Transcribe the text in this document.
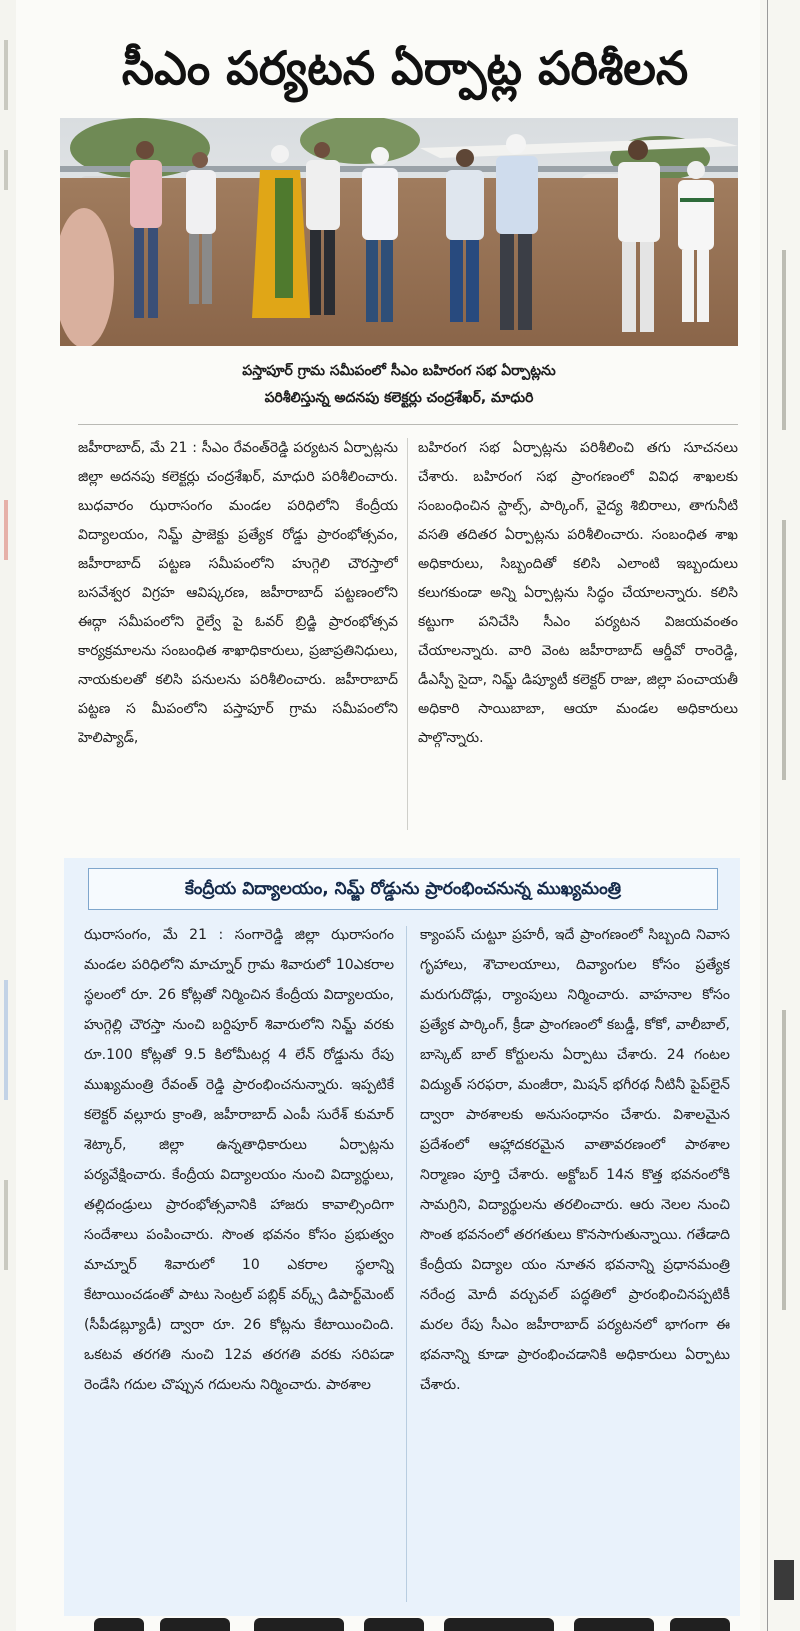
సీఎం పర్యటన ఏర్పాట్ల పరిశీలన
పస్తాపూర్ గ్రామ సమీపంలో సీఎం బహిరంగ సభ ఏర్పాట్లను
పరిశీలిస్తున్న అదనపు కలెక్టర్లు చంద్రశేఖర్, మాధురి

జహీరాబాద్, మే 21 : సీఎం రేవంత్‌రెడ్డి పర్యటన ఏర్పాట్లను జిల్లా అదనపు కలెక్టర్లు చంద్రశేఖర్, మాధురి పరిశీలించారు. బుధవారం ఝరాసంగం మండల పరిధిలోని కేంద్రీయ విద్యాలయం, నిమ్జ్ ప్రాజెక్టు ప్రత్యేక రోడ్డు ప్రారంభోత్సవం, జహీరాబాద్ పట్టణ సమీపంలోని హుగ్గెలి చౌరస్తాలో బసవేశ్వర విగ్రహ ఆవిష్కరణ, జహీరాబాద్ పట్టణంలోని ఈద్గా సమీపంలోని రైల్వే పై ఓవర్ బ్రిడ్జి ప్రారంభోత్సవ కార్యక్రమాలను సంబంధిత శాఖాధికారులు, ప్రజాప్రతినిధులు, నాయకులతో కలిసి పనులను పరిశీలించారు. జహీరాబాద్ పట్టణ స మీపంలోని పస్తాపూర్ గ్రామ సమీపంలోని హెలిప్యాడ్,

బహిరంగ సభ ఏర్పాట్లను పరిశీలించి తగు సూచనలు చేశారు. బహిరంగ సభ ప్రాంగణంలో వివిధ శాఖలకు సంబంధించిన స్టాల్స్, పార్కింగ్, వైద్య శిబిరాలు, తాగునీటి వసతి తదితర ఏర్పాట్లను పరిశీలించారు. సంబంధిత శాఖ అధికారులు, సిబ్బందితో కలిసి ఎలాంటి ఇబ్బందులు కలుగకుండా అన్ని ఏర్పాట్లను సిద్ధం చేయాలన్నారు. కలిసి కట్టుగా పనిచేసి సీఎం పర్యటన విజయవంతం చేయాలన్నారు. వారి వెంట జహీరాబాద్ ఆర్డీవో రాంరెడ్డి, డీఎస్పీ సైదా, నిమ్జ్ డిప్యూటీ కలెక్టర్ రాజు, జిల్లా పంచాయతీ అధికారి సాయిబాబా, ఆయా మండల అధికారులు పాల్గొన్నారు.

కేంద్రీయ విద్యాలయం, నిమ్జ్ రోడ్డును ప్రారంభించనున్న ముఖ్యమంత్రి

ఝరాసంగం, మే 21 : సంగారెడ్డి జిల్లా ఝరాసంగం మండల పరిధిలోని మాచ్నూర్ గ్రామ శివారులో 10ఎకరాల స్థలంలో రూ. 26 కోట్లతో నిర్మించిన కేంద్రీయ విద్యాలయం, హుగ్గెల్లి చౌరస్తా నుంచి బర్దిపూర్ శివారులోని నిమ్జ్ వరకు రూ.100 కోట్లతో 9.5 కిలోమీటర్ల 4 లేన్ రోడ్డును రేపు ముఖ్యమంత్రి రేవంత్ రెడ్డి ప్రారంభించనున్నారు. ఇప్పటికే కలెక్టర్ వల్లూరు క్రాంతి, జహీరాబాద్ ఎంపీ సురేశ్ కుమార్ శెట్కార్, జిల్లా ఉన్నతాధికారులు ఏర్పాట్లను పర్యవేక్షించారు. కేంద్రీయ విద్యాలయం నుంచి విద్యార్థులు, తల్లిదండ్రులు ప్రారంభోత్సవానికి హాజరు కావాల్సిందిగా సందేశాలు పంపించారు. సొంత భవనం కోసం ప్రభుత్వం మాచ్నూర్ శివారులో 10 ఎకరాల స్థలాన్ని కేటాయించడంతో పాటు సెంట్రల్ పబ్లిక్ వర్క్స్ డిపార్ట్‌మెంట్ (సీపీడబ్ల్యూడీ) ద్వారా రూ. 26 కోట్లను కేటాయించింది. ఒకటవ తరగతి నుంచి 12వ తరగతి వరకు సరిపడా రెండేసి గదుల చొప్పున గదులను నిర్మించారు. పాఠశాల

క్యాంపస్ చుట్టూ ప్రహరీ, ఇదే ప్రాంగణంలో సిబ్బంది నివాస గృహాలు, శౌచాలయాలు, దివ్యాంగుల కోసం ప్రత్యేక మరుగుదొడ్లు, ర్యాంపులు నిర్మించారు. వాహనాల కోసం ప్రత్యేక పార్కింగ్, క్రీడా ప్రాంగణంలో కబడ్డీ, కోకో, వాలీబాల్, బాస్కెట్ బాల్ కోర్టులను ఏర్పాటు చేశారు. 24 గంటల విద్యుత్ సరఫరా, మంజీరా, మిషన్ భగీరథ నీటినీ పైప్‌లైన్ ద్వారా పాఠశాలకు అనుసంధానం చేశారు. విశాలమైన ప్రదేశంలో ఆహ్లాదకరమైన వాతావరణంలో పాఠశాల నిర్మాణం పూర్తి చేశారు. అక్టోబర్ 14న కొత్త భవనంలోకి సామగ్రిని, విద్యార్థులను తరలించారు. ఆరు నెలల నుంచి సొంత భవనంలో తరగతులు కొనసాగుతున్నాయి. గతేడాది కేంద్రీయ విద్యాల యం నూతన భవనాన్ని ప్రధానమంత్రి నరేంద్ర మోదీ వర్చువల్ పద్ధతిలో ప్రారంభించినప్పటికీ మరల రేపు సీఎం జహీరాబాద్ పర్యటనలో భాగంగా ఈ భవనాన్ని కూడా ప్రారంభించడానికి అధికారులు ఏర్పాటు చేశారు.
